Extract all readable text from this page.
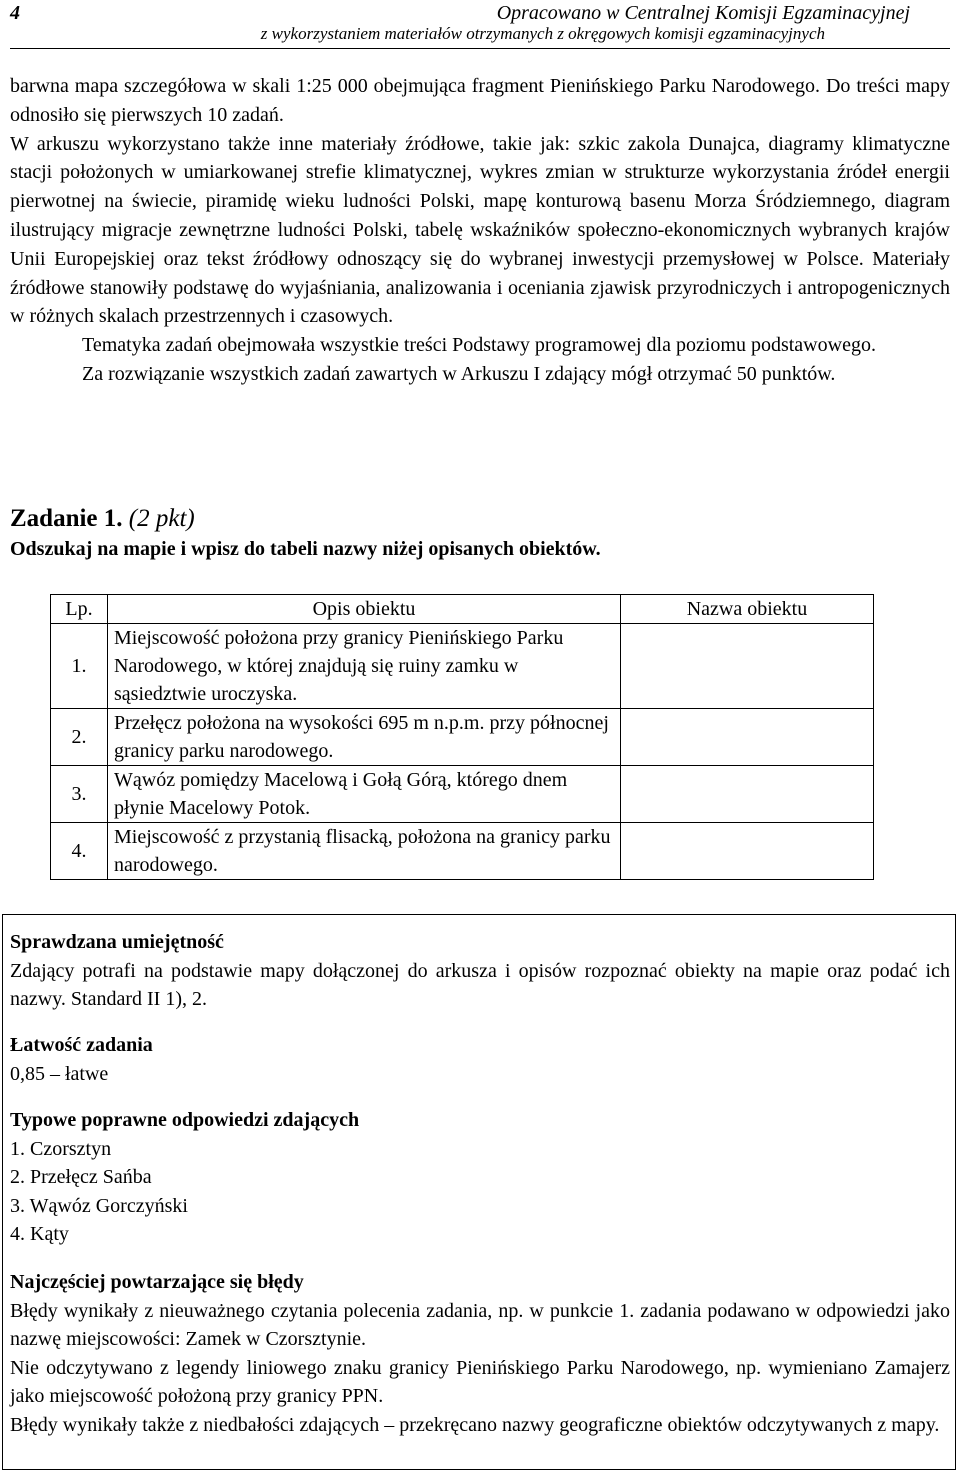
4	Opracowano w Centralnej Komisji Egzaminacyjnej
z wykorzystaniem materiałów otrzymanych z okręgowych komisji egzaminacyjnych

barwna mapa szczegółowa w skali 1:25 000 obejmująca fragment Pienińskiego Parku Narodowego. Do treści mapy odnosiło się pierwszych 10 zadań.

W arkuszu wykorzystano także inne materiały źródłowe, takie jak: szkic zakola Dunajca, diagramy klimatyczne stacji położonych w umiarkowanej strefie klimatycznej, wykres zmian w strukturze wykorzystania źródeł energii pierwotnej na świecie, piramidę wieku ludności Polski, mapę konturową basenu Morza Śródziemnego, diagram ilustrujący migracje zewnętrzne ludności Polski, tabelę wskaźników społeczno-ekonomicznych wybranych krajów Unii Europejskiej oraz tekst źródłowy odnoszący się do wybranej inwestycji przemysłowej w Polsce. Materiały źródłowe stanowiły podstawę do wyjaśniania, analizowania i oceniania zjawisk przyrodniczych i antropogenicznych w różnych skalach przestrzennych i czasowych.

Tematyka zadań obejmowała wszystkie treści Podstawy programowej dla poziomu podstawowego.

Za rozwiązanie wszystkich zadań zawartych w Arkuszu I zdający mógł otrzymać 50 punktów.

Zadanie 1. (2 pkt)
Odszukaj na mapie i wpisz do tabeli nazwy niżej opisanych obiektów.
Lp.	Opis obiektu	Nazwa obiektu
1.	Miejscowość położona przy granicy Pienińskiego Parku Narodowego, w której znajdują się ruiny zamku w sąsiedztwie uroczyska.	
2.	Przełęcz położona na wysokości 695 m n.p.m. przy północnej granicy parku narodowego.	
3.	Wąwóz pomiędzy Macelową i Gołą Górą, którego dnem płynie Macelowy Potok.	
4.	Miejscowość z przystanią flisacką, położona na granicy parku narodowego.	

Sprawdzana umiejętność

Zdający potrafi na podstawie mapy dołączonej do arkusza i opisów rozpoznać obiekty na mapie oraz podać ich nazwy. Standard II 1), 2.

Łatwość zadania

0,85 – łatwe

Typowe poprawne odpowiedzi zdających

1. Czorsztyn

2. Przełęcz Sańba

3. Wąwóz Gorczyński

4. Kąty

Najczęściej powtarzające się błędy

Błędy wynikały z nieuważnego czytania polecenia zadania, np. w punkcie 1. zadania podawano w odpowiedzi jako nazwę miejscowości: Zamek w Czorsztynie.

Nie odczytywano z legendy liniowego znaku granicy Pienińskiego Parku Narodowego, np. wymieniano Zamajerz jako miejscowość położoną przy granicy PPN.

Błędy wynikały także z niedbałości zdających – przekręcano nazwy geograficzne obiektów odczytywanych z mapy.
